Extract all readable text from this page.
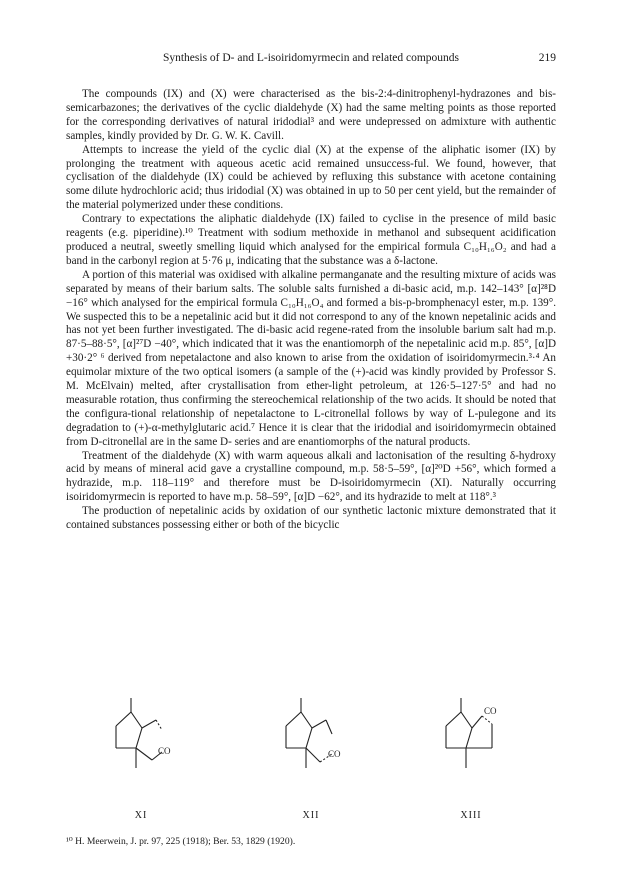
Synthesis of D- and L-isoiridomyrmecin and related compounds	219

The compounds (IX) and (X) were characterised as the bis-2:4-dinitrophenyl-hydrazones and bis-semicarbazones; the derivatives of the cyclic dialdehyde (X) had the same melting points as those reported for the corresponding derivatives of natural iridodial³ and were undepressed on admixture with authentic samples, kindly provided by Dr. G. W. K. Cavill.

Attempts to increase the yield of the cyclic dial (X) at the expense of the aliphatic isomer (IX) by prolonging the treatment with aqueous acetic acid remained unsuccess-ful. We found, however, that cyclisation of the dialdehyde (IX) could be achieved by refluxing this substance with acetone containing some dilute hydrochloric acid; thus iridodial (X) was obtained in up to 50 per cent yield, but the remainder of the material polymerized under these conditions.

Contrary to expectations the aliphatic dialdehyde (IX) failed to cyclise in the presence of mild basic reagents (e.g. piperidine).¹⁰ Treatment with sodium methoxide in methanol and subsequent acidification produced a neutral, sweetly smelling liquid which analysed for the empirical formula C₁₀H₁₆O₂ and had a band in the carbonyl region at 5·76 μ, indicating that the substance was a δ-lactone.

A portion of this material was oxidised with alkaline permanganate and the resulting mixture of acids was separated by means of their barium salts. The soluble salts furnished a di-basic acid, m.p. 142–143° [α]²⁸D −16° which analysed for the empirical formula C₁₀H₁₆O₄ and formed a bis-p-bromphenacyl ester, m.p. 139°. We suspected this to be a nepetalinic acid but it did not correspond to any of the known nepetalinic acids and has not yet been further investigated. The di-basic acid regene-rated from the insoluble barium salt had m.p. 87·5–88·5°, [α]²⁷D −40°, which indicated that it was the enantiomorph of the nepetalinic acid m.p. 85°, [α]D +30·2° ⁶ derived from nepetalactone and also known to arise from the oxidation of isoiridomyrmecin.³·⁴ An equimolar mixture of the two optical isomers (a sample of the (+)-acid was kindly provided by Professor S. M. McElvain) melted, after crystallisation from ether-light petroleum, at 126·5–127·5° and had no measurable rotation, thus confirming the stereochemical relationship of the two acids. It should be noted that the configura-tional relationship of nepetalactone to L-citronellal follows by way of L-pulegone and its degradation to (+)-α-methylglutaric acid.⁷ Hence it is clear that the iridodial and isoiridomyrmecin obtained from D-citronellal are in the same D- series and are enantiomorphs of the natural products.

Treatment of the dialdehyde (X) with warm aqueous alkali and lactonisation of the resulting δ-hydroxy acid by means of mineral acid gave a crystalline compound, m.p. 58·5–59°, [α]²⁰D +56°, which formed a hydrazide, m.p. 118–119° and therefore must be D-isoiridomyrmecin (XI). Naturally occurring isoiridomyrmecin is reported to have m.p. 58–59°, [α]D −62°, and its hydrazide to melt at 118°.³

The production of nepetalinic acids by oxidation of our synthetic lactonic mixture demonstrated that it contained substances possessing either or both of the bicyclic

CO
XI
CO
XII
CO
XIII
¹⁰ H. Meerwein, J. pr. 97, 225 (1918); Ber. 53, 1829 (1920).
